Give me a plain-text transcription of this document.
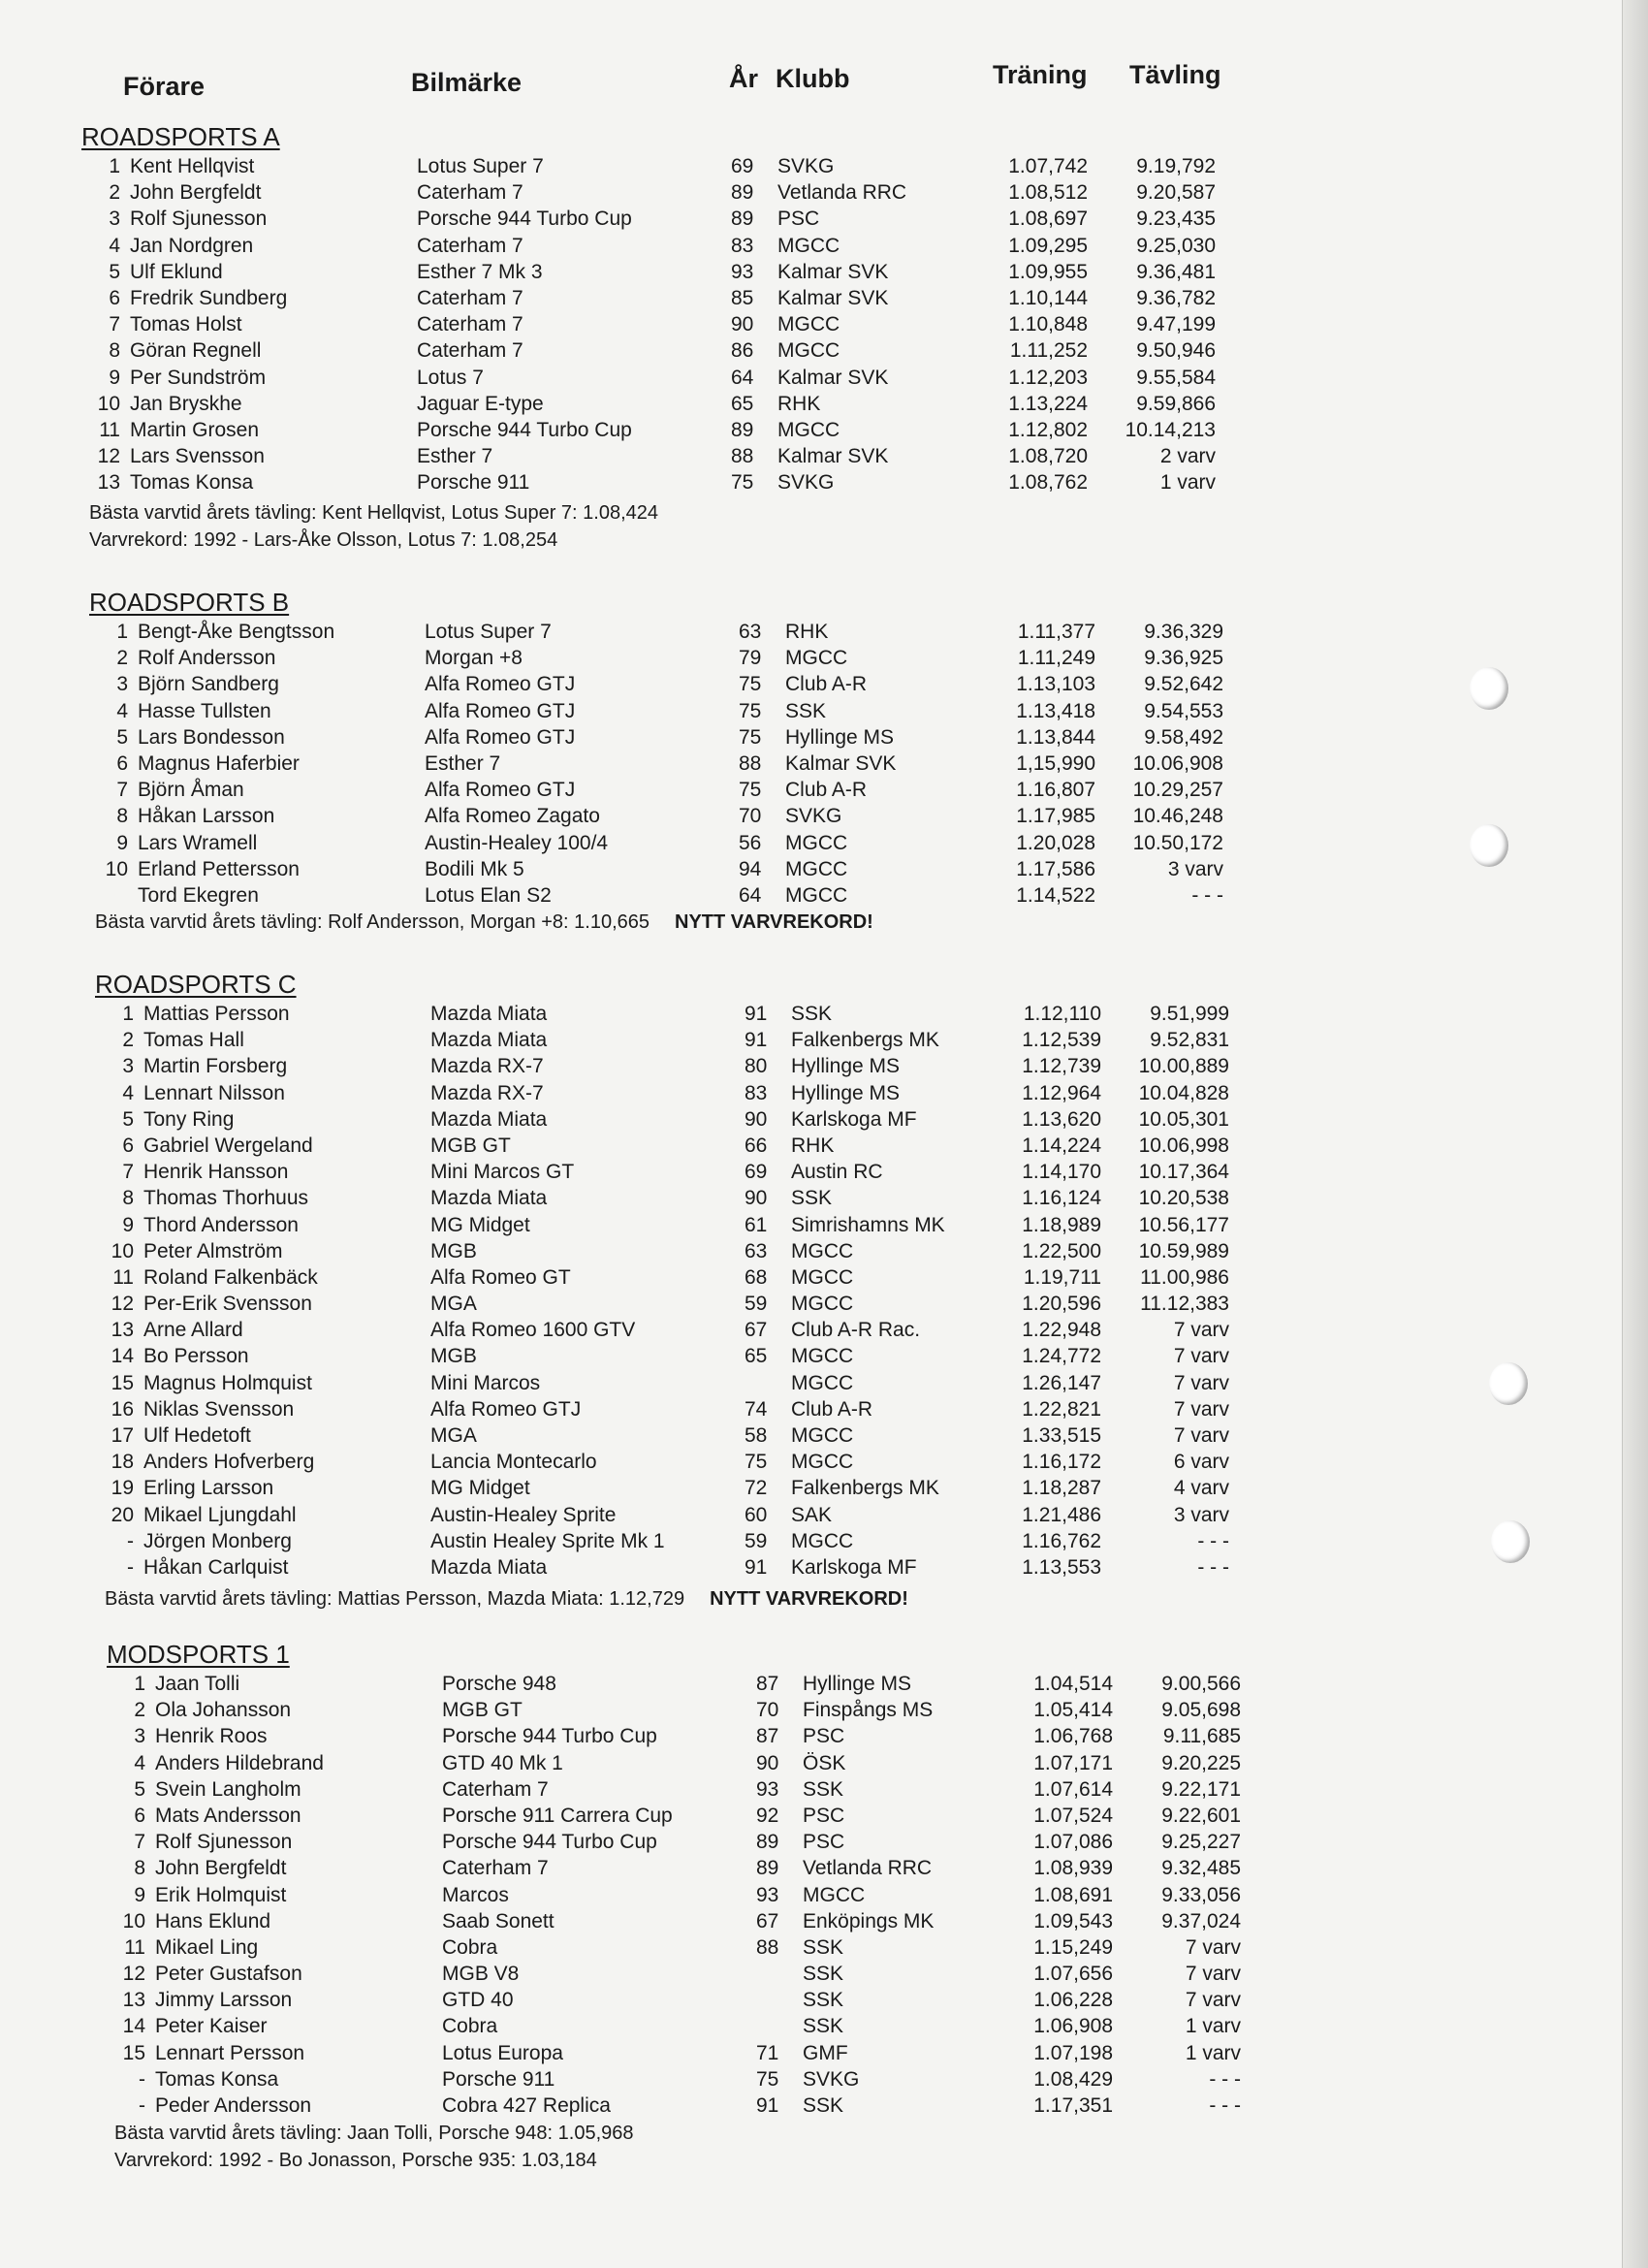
Förare	Bilmärke	År Klubb	Träning Tävling
ROADSPORTS A
1 Kent Hellqvist	Lotus Super 7	69 SVKG	1.07,742	9.19,792
2 John Bergfeldt	Caterham 7	89 Vetlanda RRC	1.08,512	9.20,587
3 Rolf Sjunesson	Porsche 944 Turbo Cup	89 PSC	1.08,697	9.23,435
4 Jan Nordgren	Caterham 7	83 MGCC	1.09,295	9.25,030
5 Ulf Eklund	Esther 7 Mk 3	93 Kalmar SVK	1.09,955	9.36,481
6 Fredrik Sundberg	Caterham 7	85 Kalmar SVK	1.10,144	9.36,782
7 Tomas Holst	Caterham 7	90 MGCC	1.10,848	9.47,199
8 Göran Regnell	Caterham 7	86 MGCC	1.11,252	9.50,946
9 Per Sundström	Lotus 7	64 Kalmar SVK	1.12,203	9.55,584
10 Jan Bryskhe	Jaguar E-type	65 RHK	1.13,224	9.59,866
11 Martin Grosen	Porsche 944 Turbo Cup	89 MGCC	1.12,802	10.14,213
12 Lars Svensson	Esther 7	88 Kalmar SVK	1.08,720	2 varv
13 Tomas Konsa	Porsche 911	75 SVKG	1.08,762	1 varv
Bästa varvtid årets tävling: Kent Hellqvist, Lotus Super 7: 1.08,424
Varvrekord: 1992 - Lars-Åke Olsson, Lotus 7: 1.08,254
ROADSPORTS B
1 Bengt-Åke Bengtsson	Lotus Super 7	63 RHK	1.11,377	9.36,329
2 Rolf Andersson	Morgan +8	79 MGCC	1.11,249	9.36,925
3 Björn Sandberg	Alfa Romeo GTJ	75 Club A-R	1.13,103	9.52,642
4 Hasse Tullsten	Alfa Romeo GTJ	75 SSK	1.13,418	9.54,553
5 Lars Bondesson	Alfa Romeo GTJ	75 Hyllinge MS	1.13,844	9.58,492
6 Magnus Haferbier	Esther 7	88 Kalmar SVK	1,15,990	10.06,908
7 Björn Åman	Alfa Romeo GTJ	75 Club A-R	1.16,807	10.29,257
8 Håkan Larsson	Alfa Romeo Zagato	70 SVKG	1.17,985	10.46,248
9 Lars Wramell	Austin-Healey 100/4	56 MGCC	1.20,028	10.50,172
10 Erland Pettersson	Bodili Mk 5	94 MGCC	1.17,586	3 varv
Tord Ekegren	Lotus Elan S2	64 MGCC	1.14,522	- - -
Bästa varvtid årets tävling: Rolf Andersson, Morgan +8: 1.10,665 NYTT VARVREKORD!
ROADSPORTS C
1 Mattias Persson	Mazda Miata	91 SSK	1.12,110	9.51,999
2 Tomas Hall	Mazda Miata	91 Falkenbergs MK	1.12,539	9.52,831
3 Martin Forsberg	Mazda RX-7	80 Hyllinge MS	1.12,739	10.00,889
4 Lennart Nilsson	Mazda RX-7	83 Hyllinge MS	1.12,964	10.04,828
5 Tony Ring	Mazda Miata	90 Karlskoga MF	1.13,620	10.05,301
6 Gabriel Wergeland	MGB GT	66 RHK	1.14,224	10.06,998
7 Henrik Hansson	Mini Marcos GT	69 Austin RC	1.14,170	10.17,364
8 Thomas Thorhuus	Mazda Miata	90 SSK	1.16,124	10.20,538
9 Thord Andersson	MG Midget	61 Simrishamns MK	1.18,989	10.56,177
10 Peter Almström	MGB	63 MGCC	1.22,500	10.59,989
11 Roland Falkenbäck	Alfa Romeo GT	68 MGCC	1.19,711	11.00,986
12 Per-Erik Svensson	MGA	59 MGCC	1.20,596	11.12,383
13 Arne Allard	Alfa Romeo 1600 GTV	67 Club A-R Rac.	1.22,948	7 varv
14 Bo Persson	MGB	65 MGCC	1.24,772	7 varv
15 Magnus Holmquist	Mini Marcos	MGCC	1.26,147	7 varv
16 Niklas Svensson	Alfa Romeo GTJ	74 Club A-R	1.22,821	7 varv
17 Ulf Hedetoft	MGA	58 MGCC	1.33,515	7 varv
18 Anders Hofverberg	Lancia Montecarlo	75 MGCC	1.16,172	6 varv
19 Erling Larsson	MG Midget	72 Falkenbergs MK	1.18,287	4 varv
20 Mikael Ljungdahl	Austin-Healey Sprite	60 SAK	1.21,486	3 varv
- Jörgen Monberg	Austin Healey Sprite Mk 1	59 MGCC	1.16,762	- - -
- Håkan Carlquist	Mazda Miata	91 Karlskoga MF	1.13,553	- - -
Bästa varvtid årets tävling: Mattias Persson, Mazda Miata: 1.12,729 NYTT VARVREKORD!
MODSPORTS 1
1 Jaan Tolli	Porsche 948	87 Hyllinge MS	1.04,514	9.00,566
2 Ola Johansson	MGB GT	70 Finspångs MS	1.05,414	9.05,698
3 Henrik Roos	Porsche 944 Turbo Cup	87 PSC	1.06,768	9.11,685
4 Anders Hildebrand	GTD 40 Mk 1	90 ÖSK	1.07,171	9.20,225
5 Svein Langholm	Caterham 7	93 SSK	1.07,614	9.22,171
6 Mats Andersson	Porsche 911 Carrera Cup	92 PSC	1.07,524	9.22,601
7 Rolf Sjunesson	Porsche 944 Turbo Cup	89 PSC	1.07,086	9.25,227
8 John Bergfeldt	Caterham 7	89 Vetlanda RRC	1.08,939	9.32,485
9 Erik Holmquist	Marcos	93 MGCC	1.08,691	9.33,056
10 Hans Eklund	Saab Sonett	67 Enköpings MK	1.09,543	9.37,024
11 Mikael Ling	Cobra	88 SSK	1.15,249	7 varv
12 Peter Gustafson	MGB V8	SSK	1.07,656	7 varv
13 Jimmy Larsson	GTD 40	SSK	1.06,228	7 varv
14 Peter Kaiser	Cobra	SSK	1.06,908	1 varv
15 Lennart Persson	Lotus Europa	71 GMF	1.07,198	1 varv
- Tomas Konsa	Porsche 911	75 SVKG	1.08,429	- - -
- Peder Andersson	Cobra 427 Replica	91 SSK	1.17,351	- - -
Bästa varvtid årets tävling: Jaan Tolli, Porsche 948: 1.05,968
Varvrekord: 1992 - Bo Jonasson, Porsche 935: 1.03,184
